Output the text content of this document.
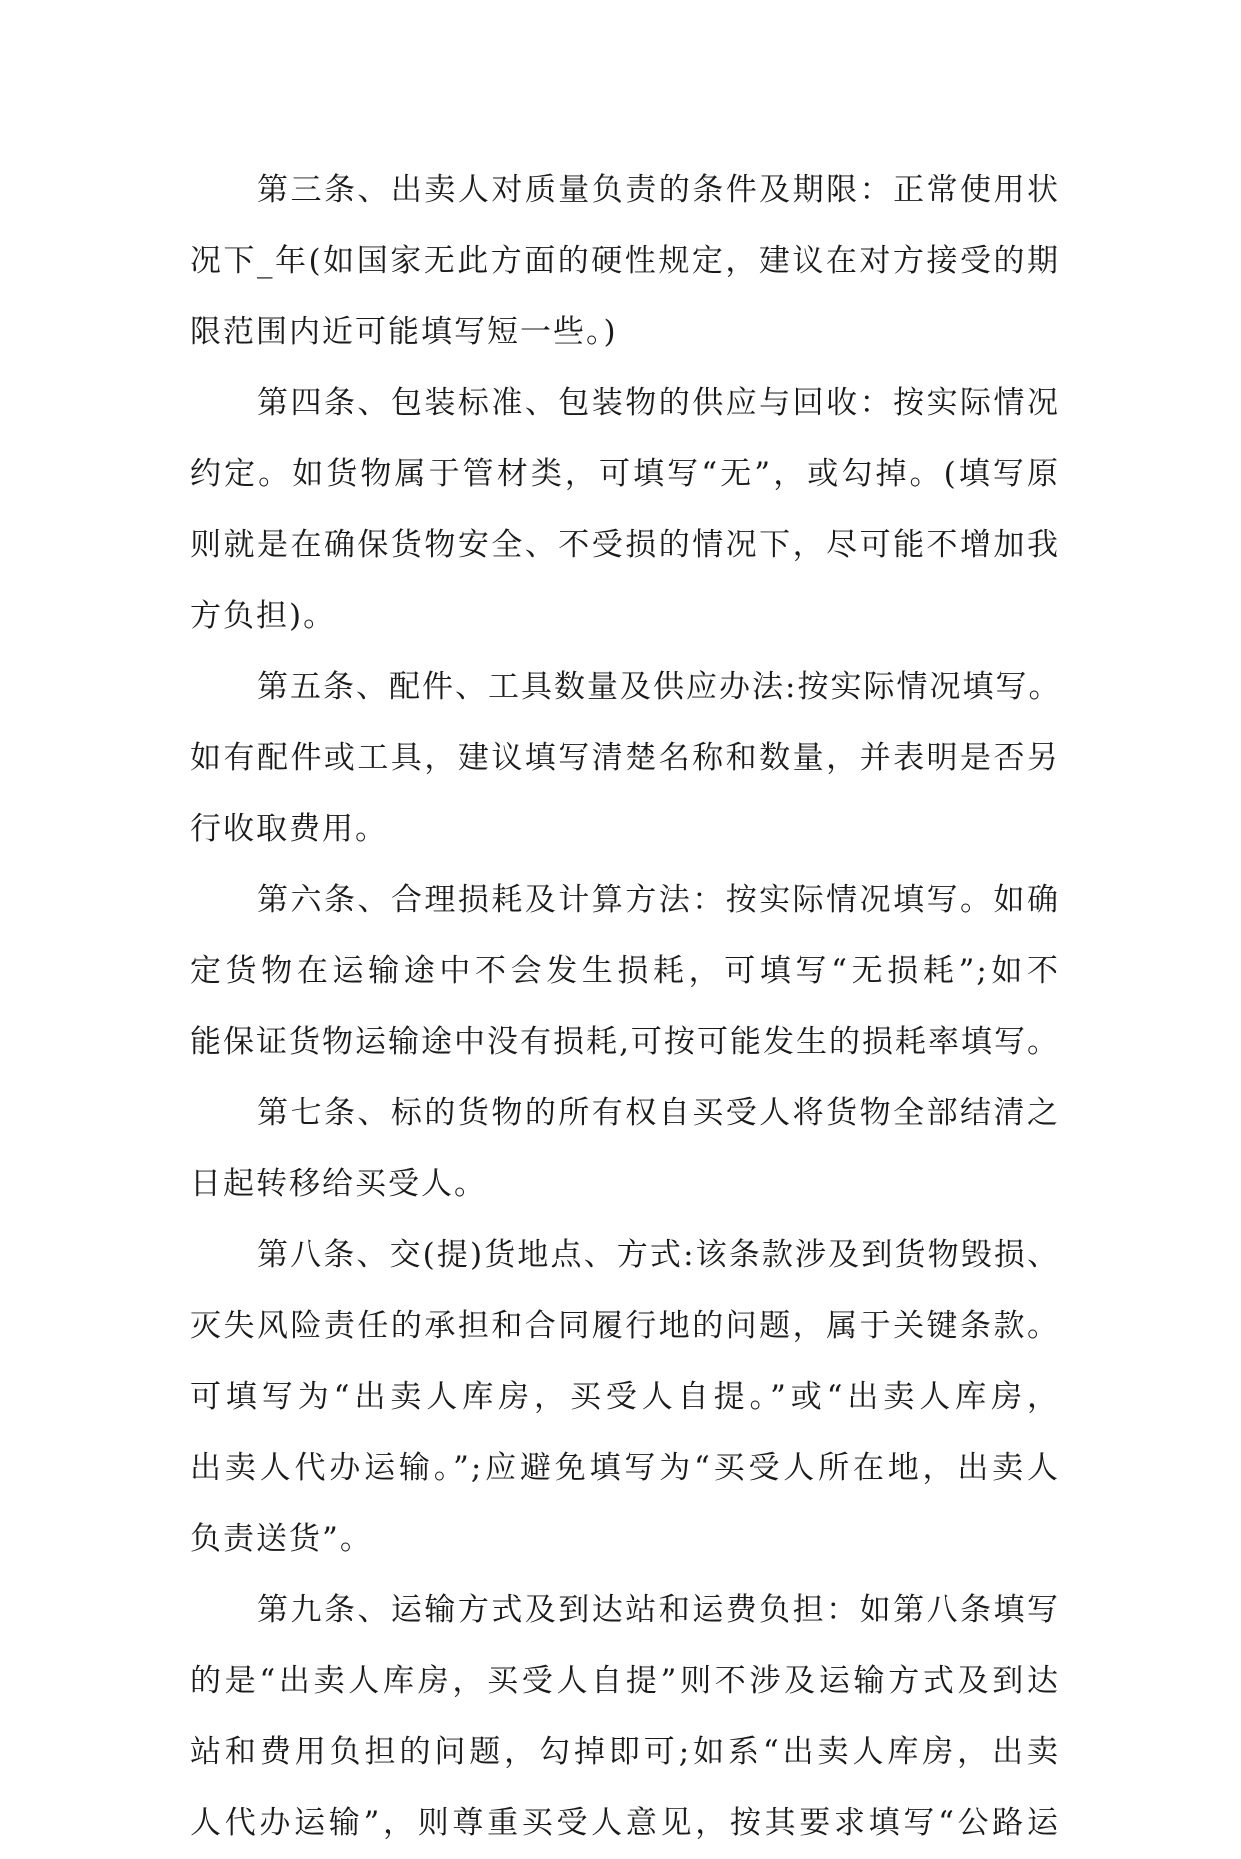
第三条、出卖人对质量负责的条件及期限：正常使用状
况下_年(如国家无此方面的硬性规定，建议在对方接受的期
限范围内近可能填写短一些。)
第四条、包装标准、包装物的供应与回收：按实际情况
约定。如货物属于管材类，可填写“无”，或勾掉。(填写原
则就是在确保货物安全、不受损的情况下，尽可能不增加我
方负担)。
第五条、配件、工具数量及供应办法:按实际情况填写。
如有配件或工具，建议填写清楚名称和数量，并表明是否另
行收取费用。
第六条、合理损耗及计算方法：按实际情况填写。如确
定货物在运输途中不会发生损耗，可填写“无损耗”;如不
能保证货物运输途中没有损耗,可按可能发生的损耗率填写。
第七条、标的货物的所有权自买受人将货物全部结清之
日起转移给买受人。
第八条、交(提)货地点、方式:该条款涉及到货物毁损、
灭失风险责任的承担和合同履行地的问题，属于关键条款。
可填写为“出卖人库房，买受人自提。”或“出卖人库房，
出卖人代办运输。”;应避免填写为“买受人所在地，出卖人
负责送货”。
第九条、运输方式及到达站和运费负担：如第八条填写
的是“出卖人库房，买受人自提”则不涉及运输方式及到达
站和费用负担的问题，勾掉即可;如系“出卖人库房，出卖
人代办运输”，则尊重买受人意见，按其要求填写“公路运
